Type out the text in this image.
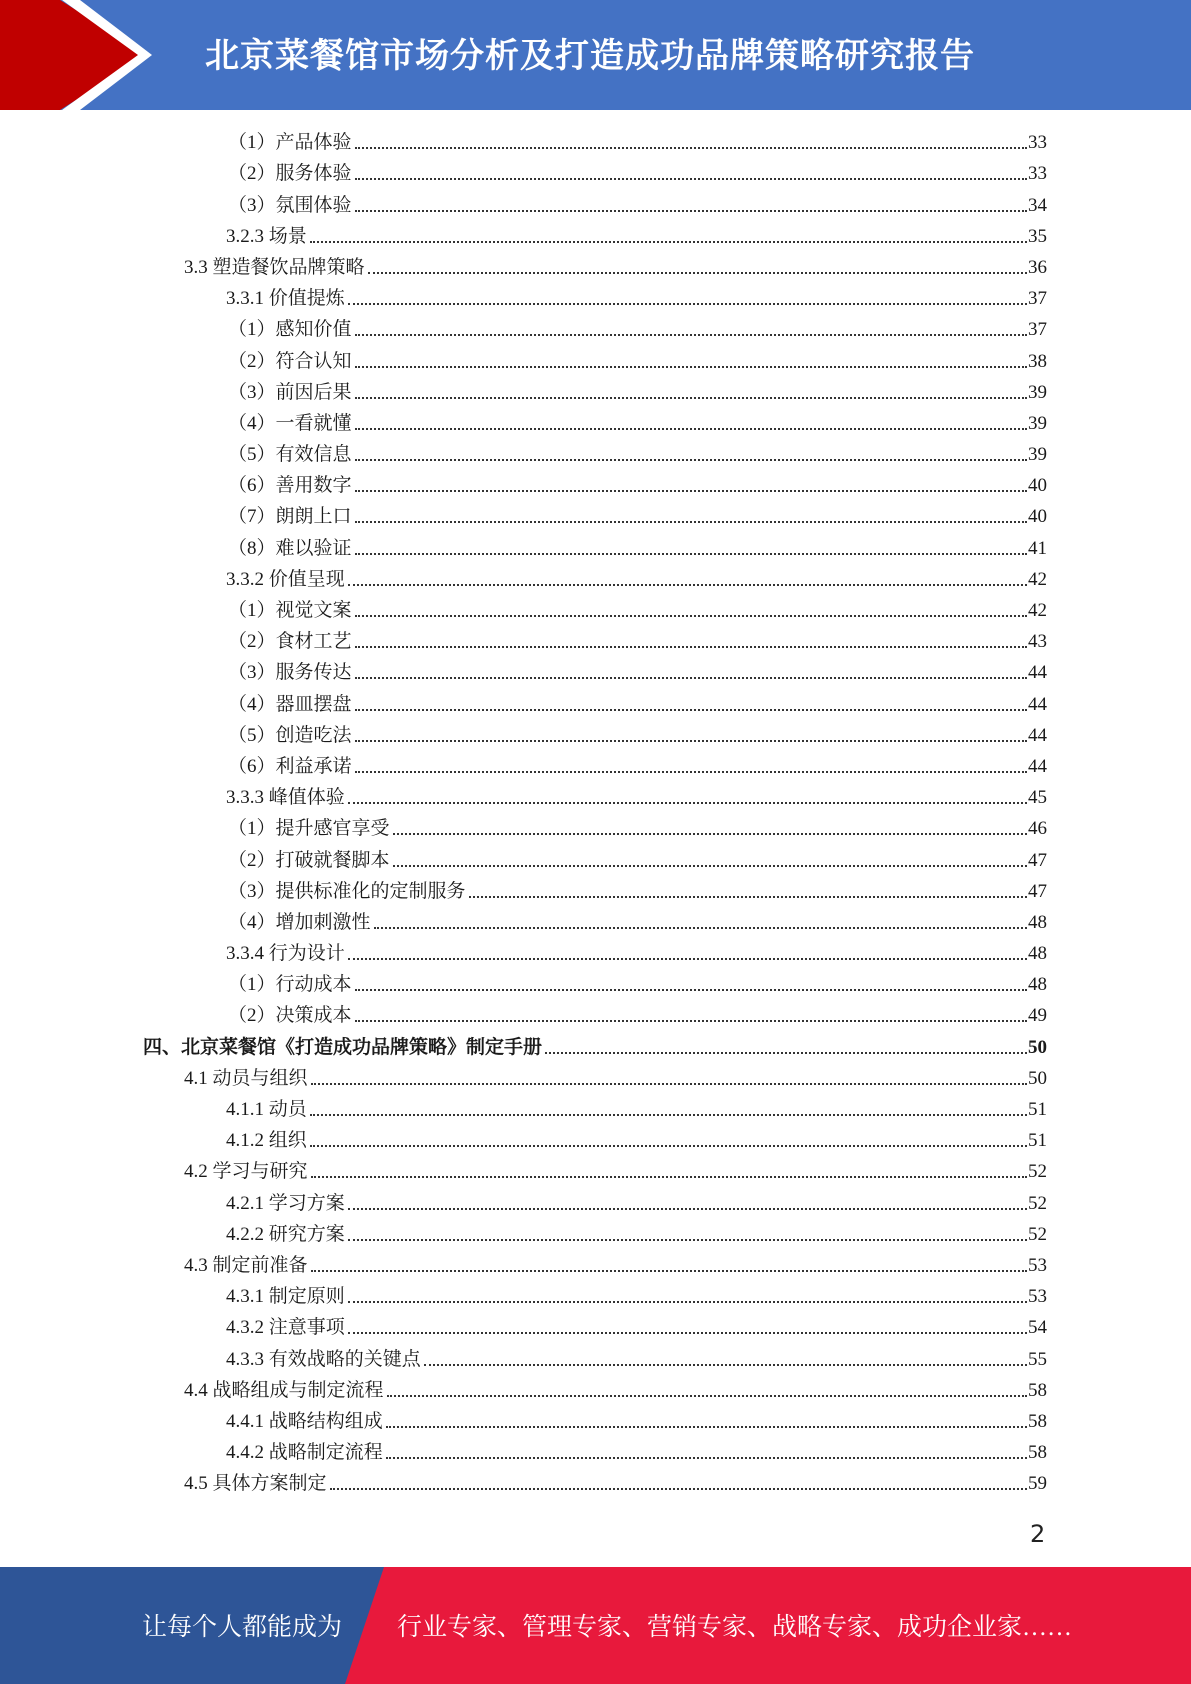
北京菜餐馆市场分析及打造成功品牌策略研究报告
（1）产品体验	33
（2）服务体验	33
（3）氛围体验	34
3.2.3 场景	35
3.3 塑造餐饮品牌策略	36
3.3.1 价值提炼	37
（1）感知价值	37
（2）符合认知	38
（3）前因后果	39
（4）一看就懂	39
（5）有效信息	39
（6）善用数字	40
（7）朗朗上口	40
（8）难以验证	41
3.3.2 价值呈现	42
（1）视觉文案	42
（2）食材工艺	43
（3）服务传达	44
（4）器皿摆盘	44
（5）创造吃法	44
（6）利益承诺	44
3.3.3 峰值体验	45
（1）提升感官享受	46
（2）打破就餐脚本	47
（3）提供标准化的定制服务	47
（4）增加刺激性	48
3.3.4 行为设计	48
（1）行动成本	48
（2）决策成本	49
四、北京菜餐馆《打造成功品牌策略》制定手册	50
4.1 动员与组织	50
4.1.1 动员	51
4.1.2 组织	51
4.2 学习与研究	52
4.2.1 学习方案	52
4.2.2 研究方案	52
4.3 制定前准备	53
4.3.1 制定原则	53
4.3.2 注意事项	54
4.3.3 有效战略的关键点	55
4.4 战略组成与制定流程	58
4.4.1 战略结构组成	58
4.4.2 战略制定流程	58
4.5 具体方案制定	59
2
让每个人都能成为 行业专家、管理专家、营销专家、战略专家、成功企业家……
